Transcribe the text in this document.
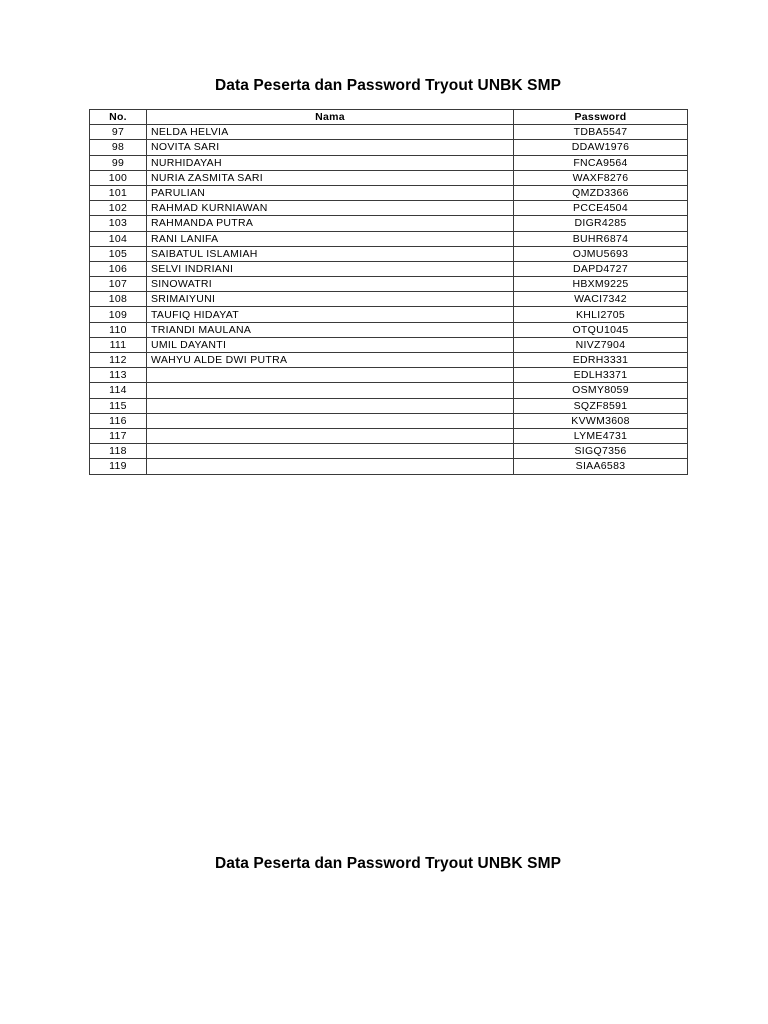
Data Peserta dan Password Tryout UNBK SMP
No.	Nama	Password
97	NELDA HELVIA	TDBA5547
98	NOVITA SARI	DDAW1976
99	NURHIDAYAH	FNCA9564
100	NURIA ZASMITA SARI	WAXF8276
101	PARULIAN	QMZD3366
102	RAHMAD KURNIAWAN	PCCE4504
103	RAHMANDA PUTRA	DIGR4285
104	RANI LANIFA	BUHR6874
105	SAIBATUL ISLAMIAH	OJMU5693
106	SELVI INDRIANI	DAPD4727
107	SINOWATRI	HBXM9225
108	SRIMAIYUNI	WACI7342
109	TAUFIQ HIDAYAT	KHLI2705
110	TRIANDI MAULANA	OTQU1045
111	UMIL DAYANTI	NIVZ7904
112	WAHYU ALDE DWI PUTRA	EDRH3331
113		EDLH3371
114		OSMY8059
115		SQZF8591
116		KVWM3608
117		LYME4731
118		SIGQ7356
119		SIAA6583
Data Peserta dan Password Tryout UNBK SMP
